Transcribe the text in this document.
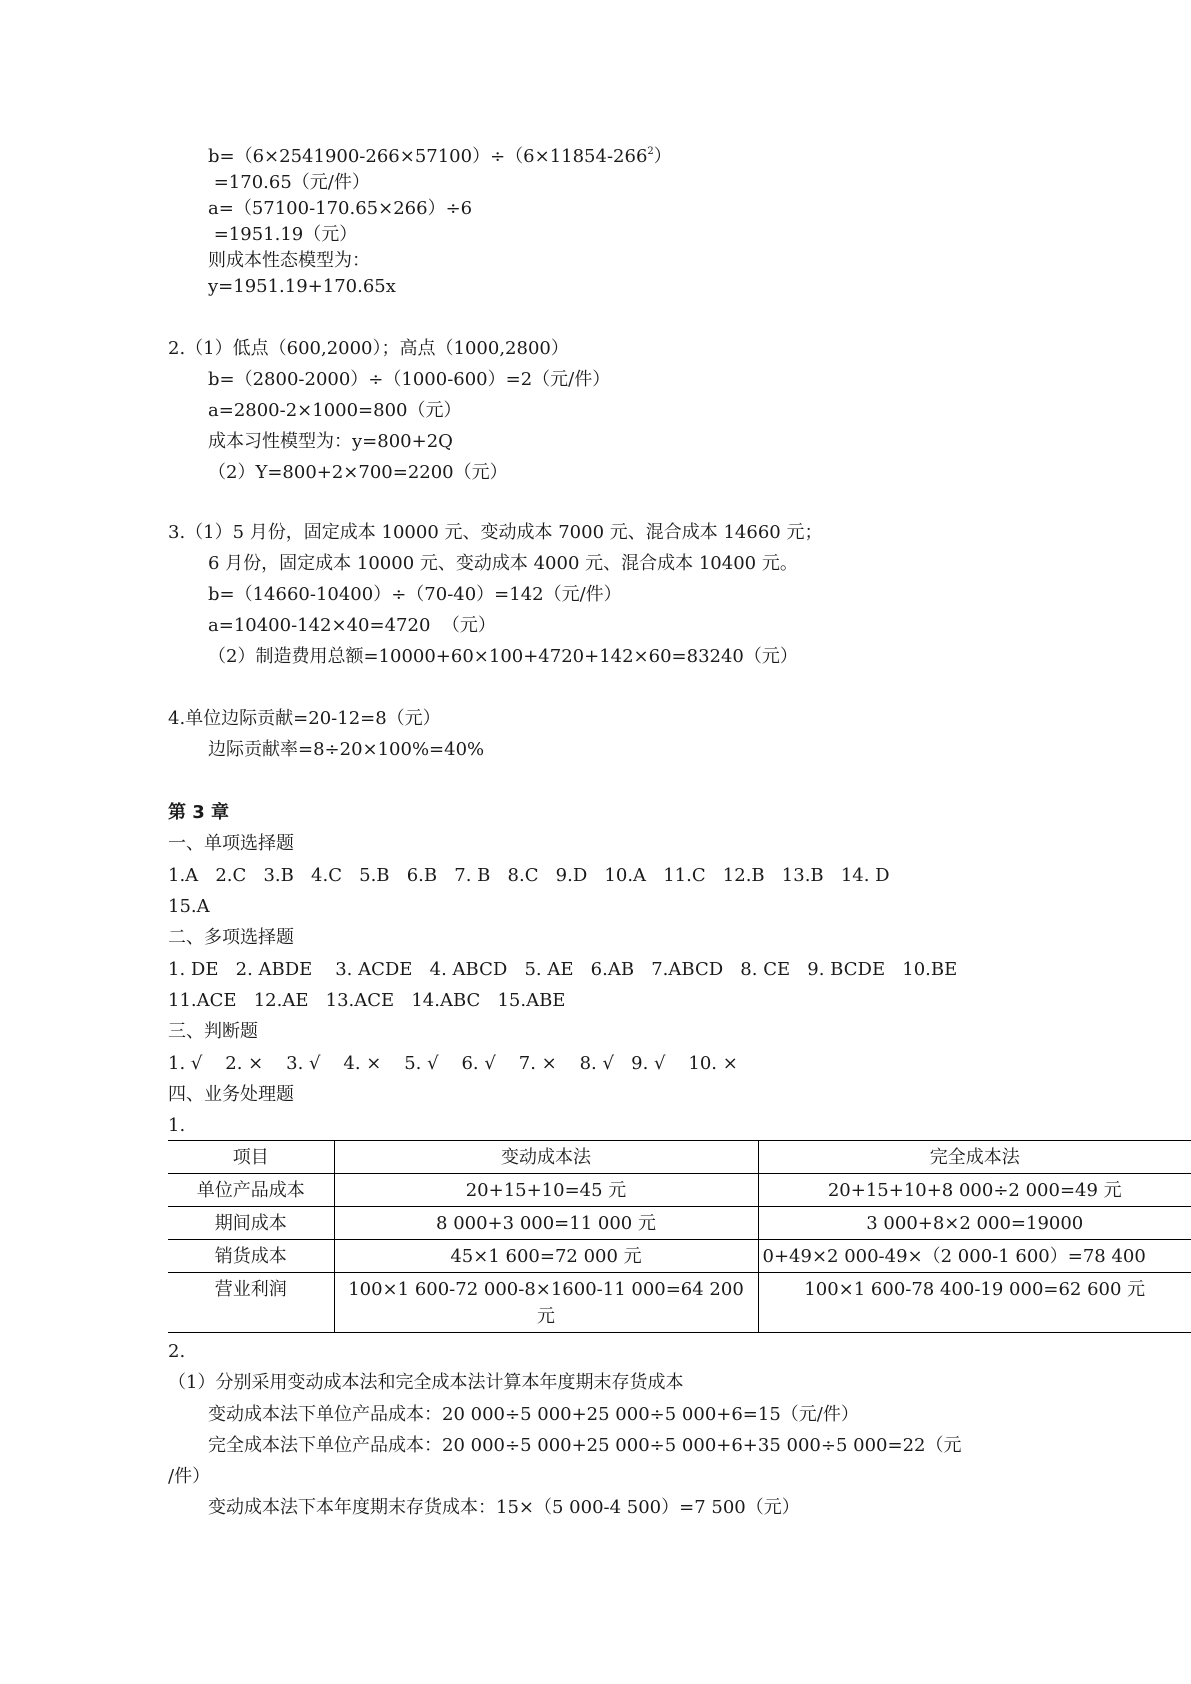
$b=(6\times 2541900-266\times 57100)\div(6\times 11854-266^2)$
=170.65（元/件）
a=（57100-170.65×266）÷6
=1951.19（元）
则成本性态模型为：
y=1951.19+170.65x
2.（1）低点（600,2000）；高点（1000,2800）
b=（2800-2000）÷（1000-600）=2（元/件）
a=2800-2×1000=800（元）
成本习性模型为：y=800+2Q
（2）Y=800+2×700=2200（元）
3.（1）5 月份，固定成本 10000 元、变动成本 7000 元、混合成本 14660 元；
6 月份，固定成本 10000 元、变动成本 4000 元、混合成本 10400 元。
b=（14660-10400）÷（70-40）=142（元/件）
a=10400-142×40=4720  （元）
（2）制造费用总额=10000+60×100+4720+142×60=83240（元）
4.单位边际贡献=20-12=8（元）
边际贡献率=8÷20×100%=40%
第 3 章
一、单项选择题
1.A   2.C   3.B   4.C   5.B   6.B   7. B   8.C   9.D   10.A   11.C   12.B   13.B   14. D
15.A
二、多项选择题
1. DE   2. ABDE    3. ACDE   4. ABCD   5. AE   6.AB   7.ABCD   8. CE   9. BCDE   10.BE
11.ACE   12.AE   13.ACE   14.ABC   15.ABE
三、判断题
1. √    2. ×    3. √    4. ×    5. √    6. √    7. ×    8. √   9. √    10. ×
四、业务处理题
1.
项目	变动成本法	完全成本法
单位产品成本	20+15+10=45 元	20+15+10+8 000÷2 000=49 元
期间成本	8 000+3 000=11 000 元	3 000+8×2 000=19000
销货成本	45×1 600=72 000 元	0+49×2 000-49×（2 000-1 600）=78 400
营业利润	100×1 600-72 000-8×1600-11 000=64 200 元	100×1 600-78 400-19 000=62 600 元
2.
（1）分别采用变动成本法和完全成本法计算本年度期末存货成本
变动成本法下单位产品成本：20 000÷5 000+25 000÷5 000+6=15（元/件）
完全成本法下单位产品成本：20 000÷5 000+25 000÷5 000+6+35 000÷5 000=22（元
/件）
变动成本法下本年度期末存货成本：15×（5 000-4 500）=7 500（元）
